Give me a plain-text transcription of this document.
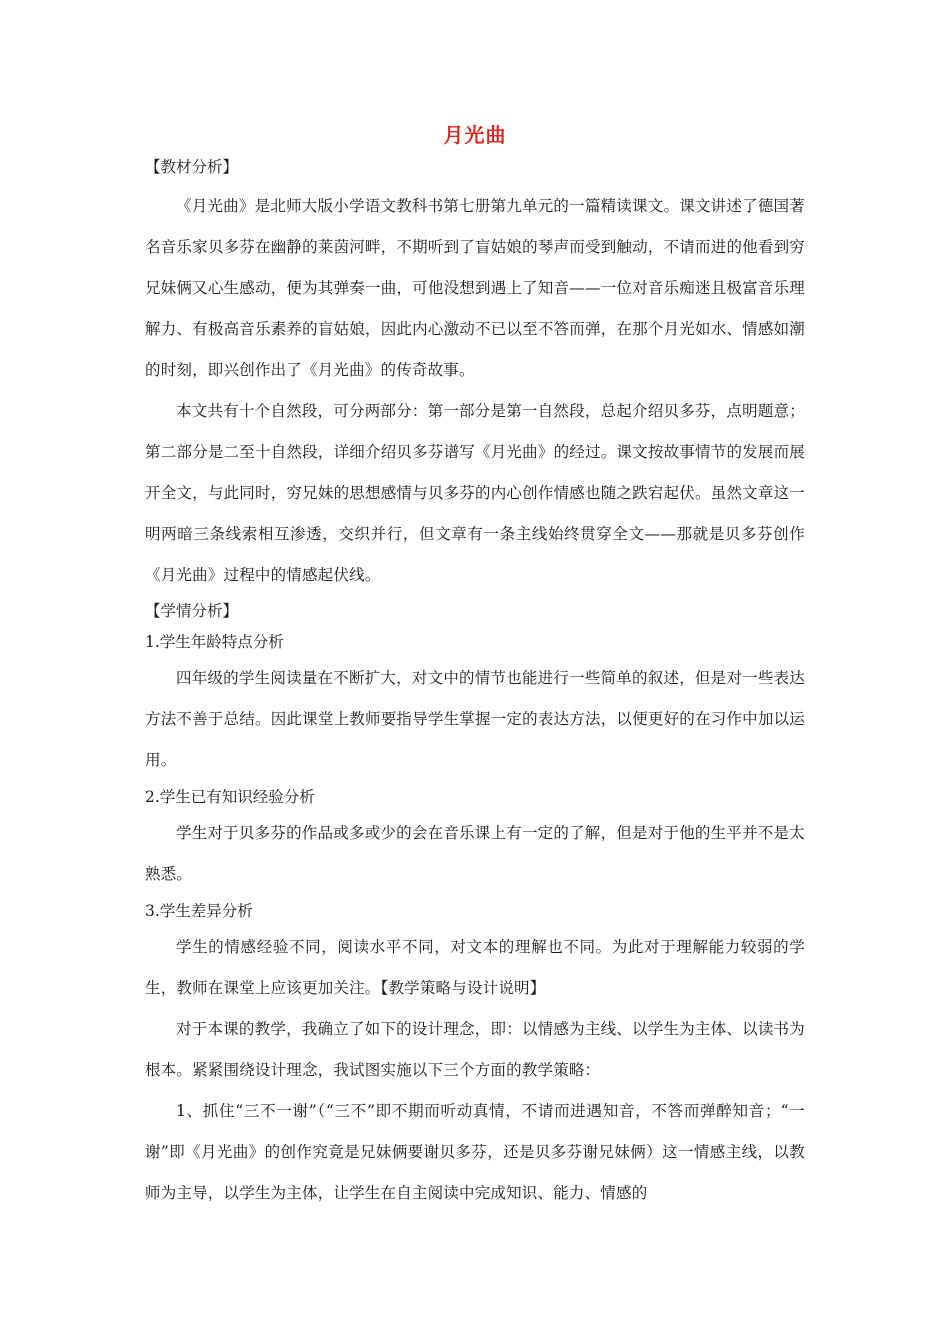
月光曲

【教材分析】

《月光曲》是北师大版小学语文教科书第七册第九单元的一篇精读课文。课文讲述了德国著名音乐家贝多芬在幽静的莱茵河畔，不期听到了盲姑娘的琴声而受到触动，不请而进的他看到穷兄妹俩又心生感动，便为其弹奏一曲，可他没想到遇上了知音——一位对音乐痴迷且极富音乐理解力、有极高音乐素养的盲姑娘，因此内心激动不已以至不答而弹，在那个月光如水、情感如潮的时刻，即兴创作出了《月光曲》的传奇故事。

本文共有十个自然段，可分两部分：第一部分是第一自然段，总起介绍贝多芬，点明题意；第二部分是二至十自然段，详细介绍贝多芬谱写《月光曲》的经过。课文按故事情节的发展而展开全文，与此同时，穷兄妹的思想感情与贝多芬的内心创作情感也随之跌宕起伏。虽然文章这一明两暗三条线索相互渗透，交织并行，但文章有一条主线始终贯穿全文——那就是贝多芬创作《月光曲》过程中的情感起伏线。

【学情分析】

1.学生年龄特点分析

四年级的学生阅读量在不断扩大，对文中的情节也能进行一些简单的叙述，但是对一些表达方法不善于总结。因此课堂上教师要指导学生掌握一定的表达方法，以便更好的在习作中加以运用。

2.学生已有知识经验分析

学生对于贝多芬的作品或多或少的会在音乐课上有一定的了解，但是对于他的生平并不是太熟悉。

3.学生差异分析

学生的情感经验不同，阅读水平不同，对文本的理解也不同。为此对于理解能力较弱的学生，教师在课堂上应该更加关注。【教学策略与设计说明】

对于本课的教学，我确立了如下的设计理念，即：以情感为主线、以学生为主体、以读书为根本。紧紧围绕设计理念，我试图实施以下三个方面的教学策略：

1、抓住“三不一谢”（“三不”即不期而听动真情，不请而进遇知音，不答而弹醉知音；“一谢”即《月光曲》的创作究竟是兄妹俩要谢贝多芬，还是贝多芬谢兄妹俩）这一情感主线，以教师为主导，以学生为主体，让学生在自主阅读中完成知识、能力、情感的
